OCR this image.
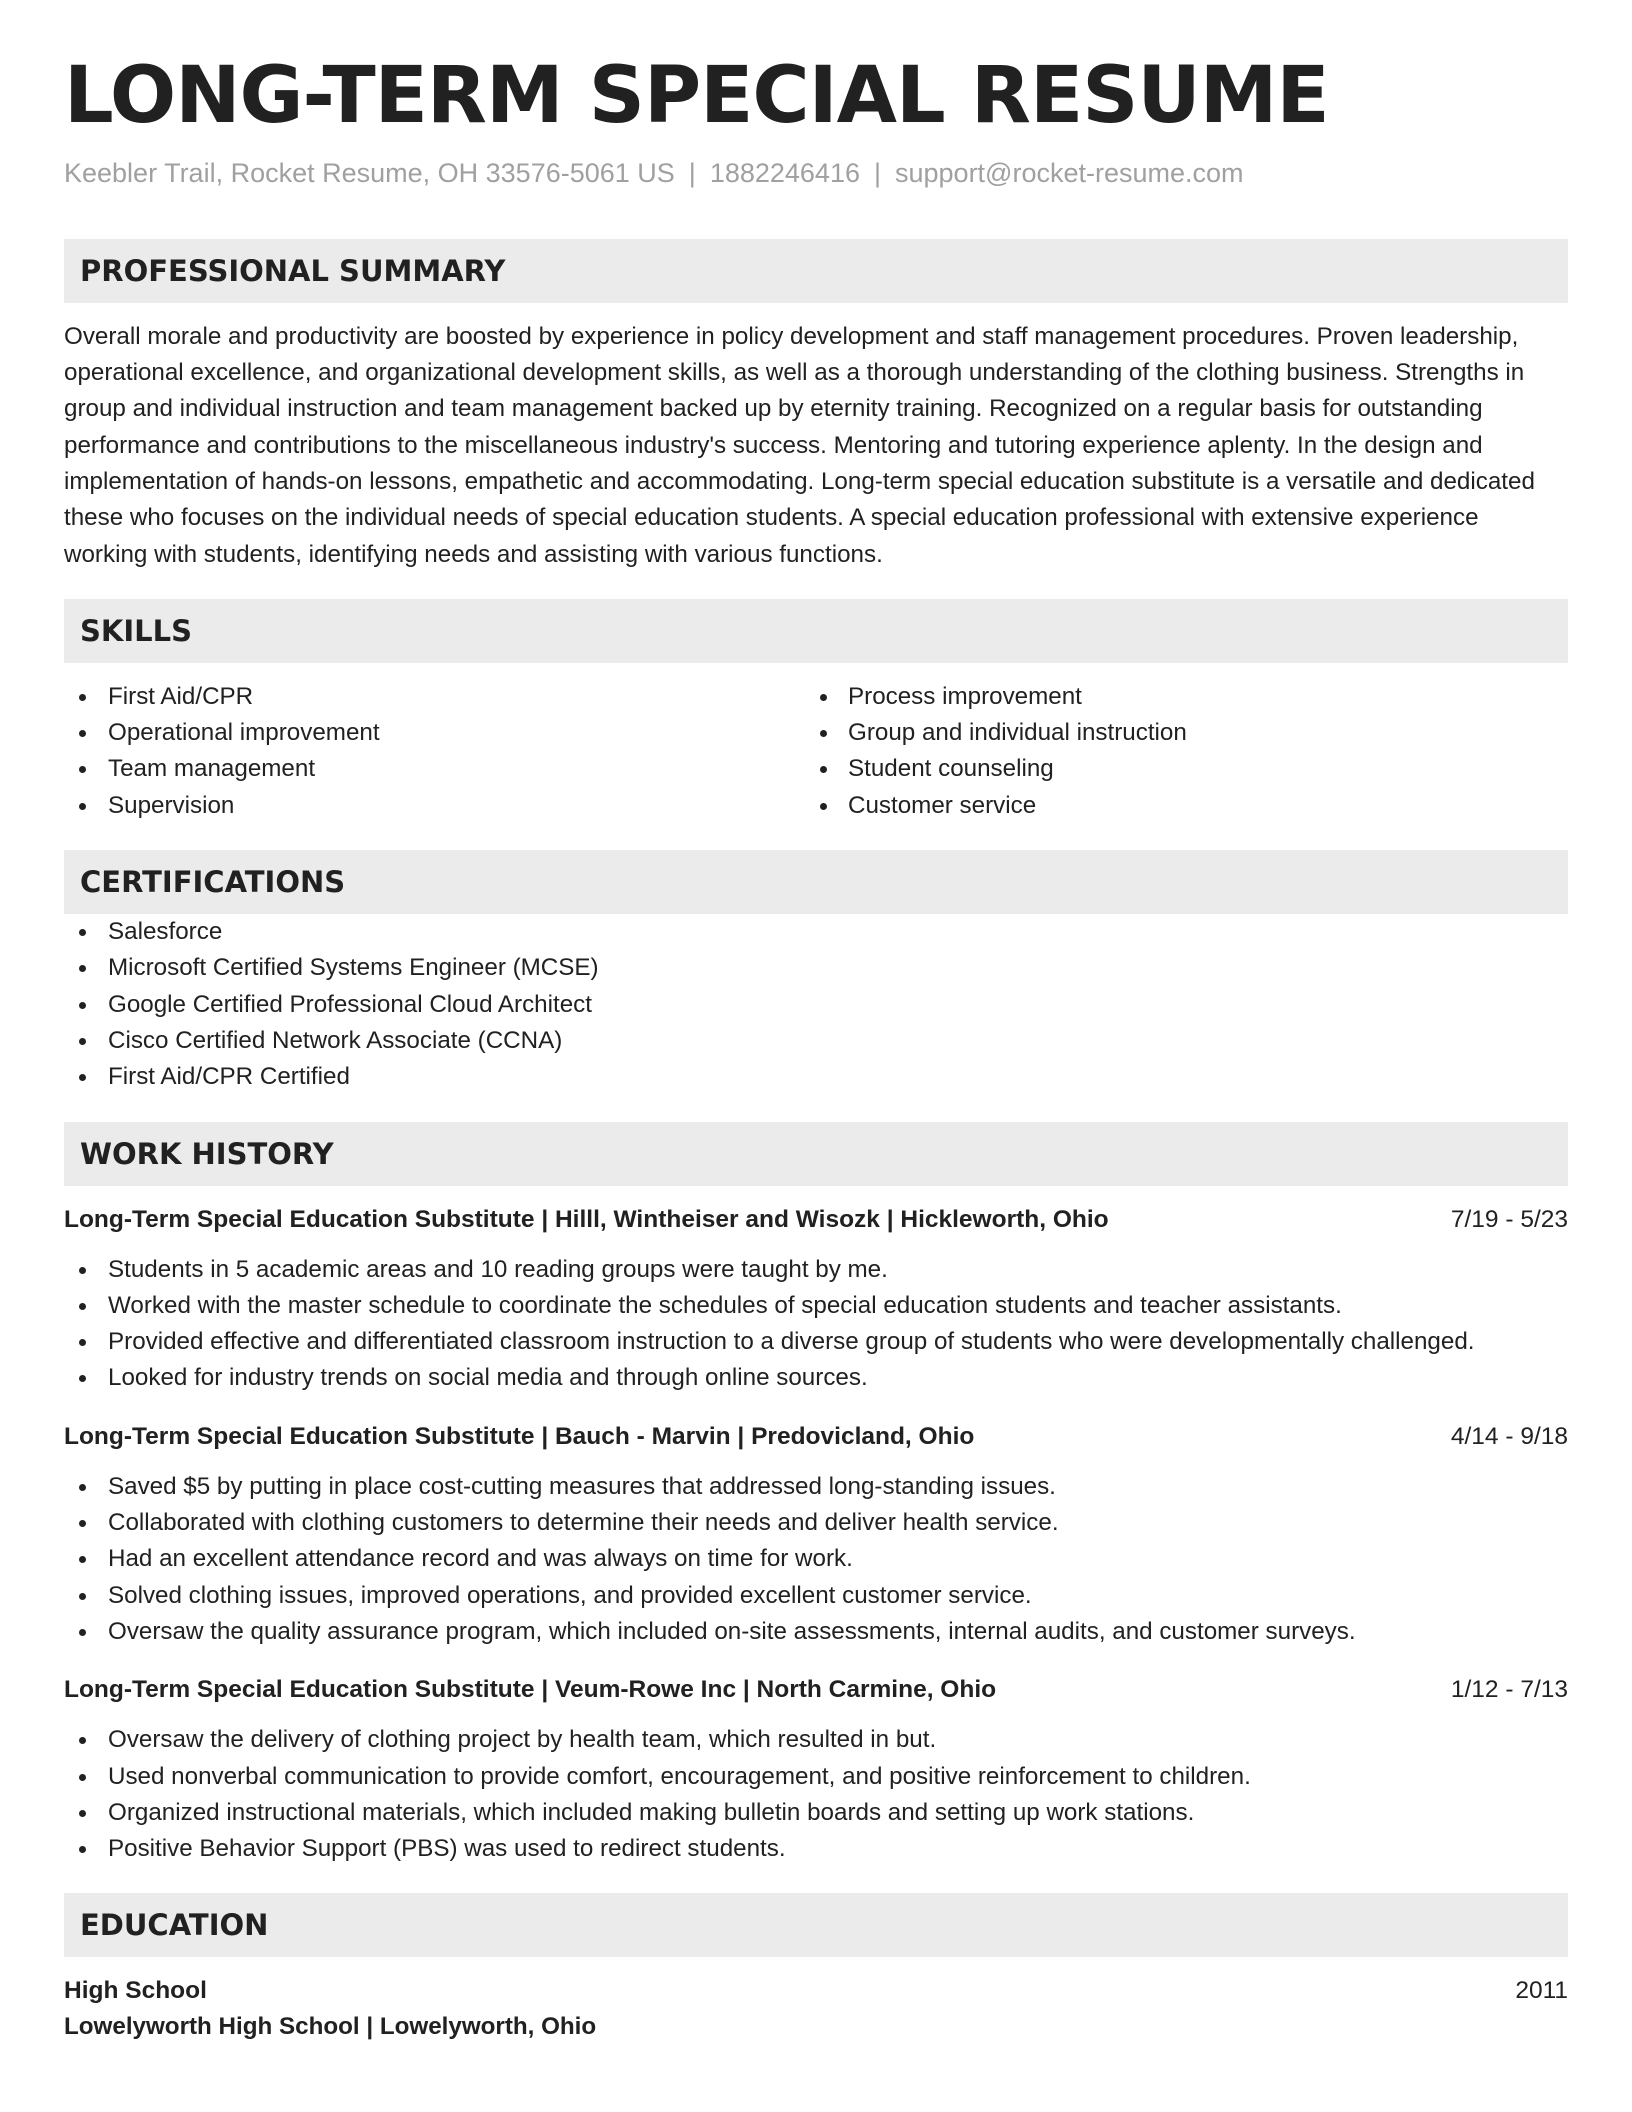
LONG-TERM SPECIAL RESUME
Keebler Trail, Rocket Resume, OH 33576-5061 US | 1882246416 | support@rocket-resume.com
PROFESSIONAL SUMMARY
Overall morale and productivity are boosted by experience in policy development and staff management procedures. Proven leadership, operational excellence, and organizational development skills, as well as a thorough understanding of the clothing business. Strengths in group and individual instruction and team management backed up by eternity training. Recognized on a regular basis for outstanding performance and contributions to the miscellaneous industry's success. Mentoring and tutoring experience aplenty. In the design and implementation of hands-on lessons, empathetic and accommodating. Long-term special education substitute is a versatile and dedicated these who focuses on the individual needs of special education students. A special education professional with extensive experience working with students, identifying needs and assisting with various functions.
SKILLS
First Aid/CPR
Operational improvement
Team management
Supervision
Process improvement
Group and individual instruction
Student counseling
Customer service
CERTIFICATIONS
Salesforce
Microsoft Certified Systems Engineer (MCSE)
Google Certified Professional Cloud Architect
Cisco Certified Network Associate (CCNA)
First Aid/CPR Certified
WORK HISTORY
Long-Term Special Education Substitute | Hilll, Wintheiser and Wisozk | Hickleworth, Ohio	7/19 - 5/23
Students in 5 academic areas and 10 reading groups were taught by me.
Worked with the master schedule to coordinate the schedules of special education students and teacher assistants.
Provided effective and differentiated classroom instruction to a diverse group of students who were developmentally challenged.
Looked for industry trends on social media and through online sources.
Long-Term Special Education Substitute | Bauch - Marvin | Predovicland, Ohio	4/14 - 9/18
Saved $5 by putting in place cost-cutting measures that addressed long-standing issues.
Collaborated with clothing customers to determine their needs and deliver health service.
Had an excellent attendance record and was always on time for work.
Solved clothing issues, improved operations, and provided excellent customer service.
Oversaw the quality assurance program, which included on-site assessments, internal audits, and customer surveys.
Long-Term Special Education Substitute | Veum-Rowe Inc | North Carmine, Ohio	1/12 - 7/13
Oversaw the delivery of clothing project by health team, which resulted in but.
Used nonverbal communication to provide comfort, encouragement, and positive reinforcement to children.
Organized instructional materials, which included making bulletin boards and setting up work stations.
Positive Behavior Support (PBS) was used to redirect students.
EDUCATION
High School	2011
Lowelyworth High School | Lowelyworth, Ohio
